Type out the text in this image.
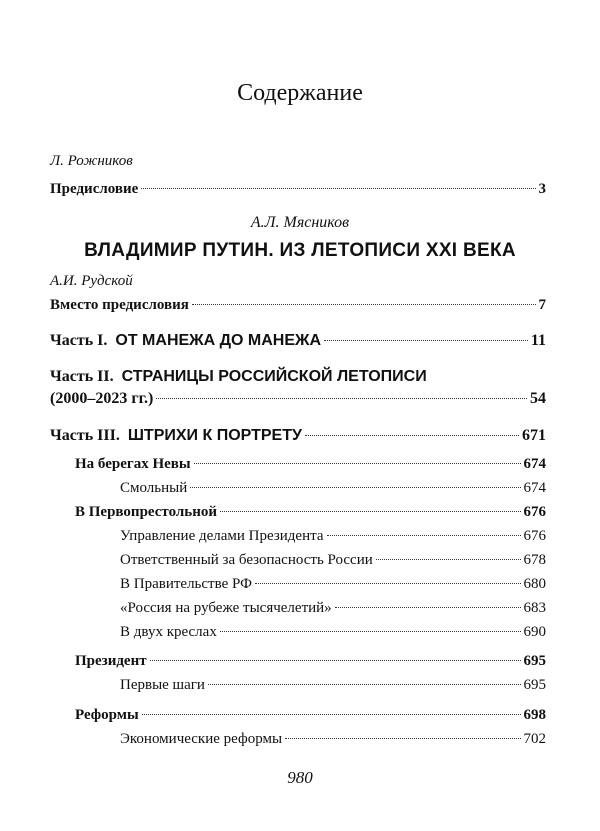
Содержание
Л. Рожников
Предисловие	3
А.Л. Мясников
ВЛАДИМИР ПУТИН. ИЗ ЛЕТОПИСИ XXI ВЕКА
А.И. Рудской
Вместо предисловия	7
Часть I. ОТ МАНЕЖА ДО МАНЕЖА	11
Часть II. СТРАНИЦЫ РОССИЙСКОЙ ЛЕТОПИСИ
(2000–2023 гг.)	54
Часть III. ШТРИХИ К ПОРТРЕТУ	671
На берегах Невы	674
Смольный	674
В Первопрестольной	676
Управление делами Президента	676
Ответственный за безопасность России	678
В Правительстве РФ	680
«Россия на рубеже тысячелетий»	683
В двух креслах	690
Президент	695
Первые шаги	695
Реформы	698
Экономические реформы	702
980
